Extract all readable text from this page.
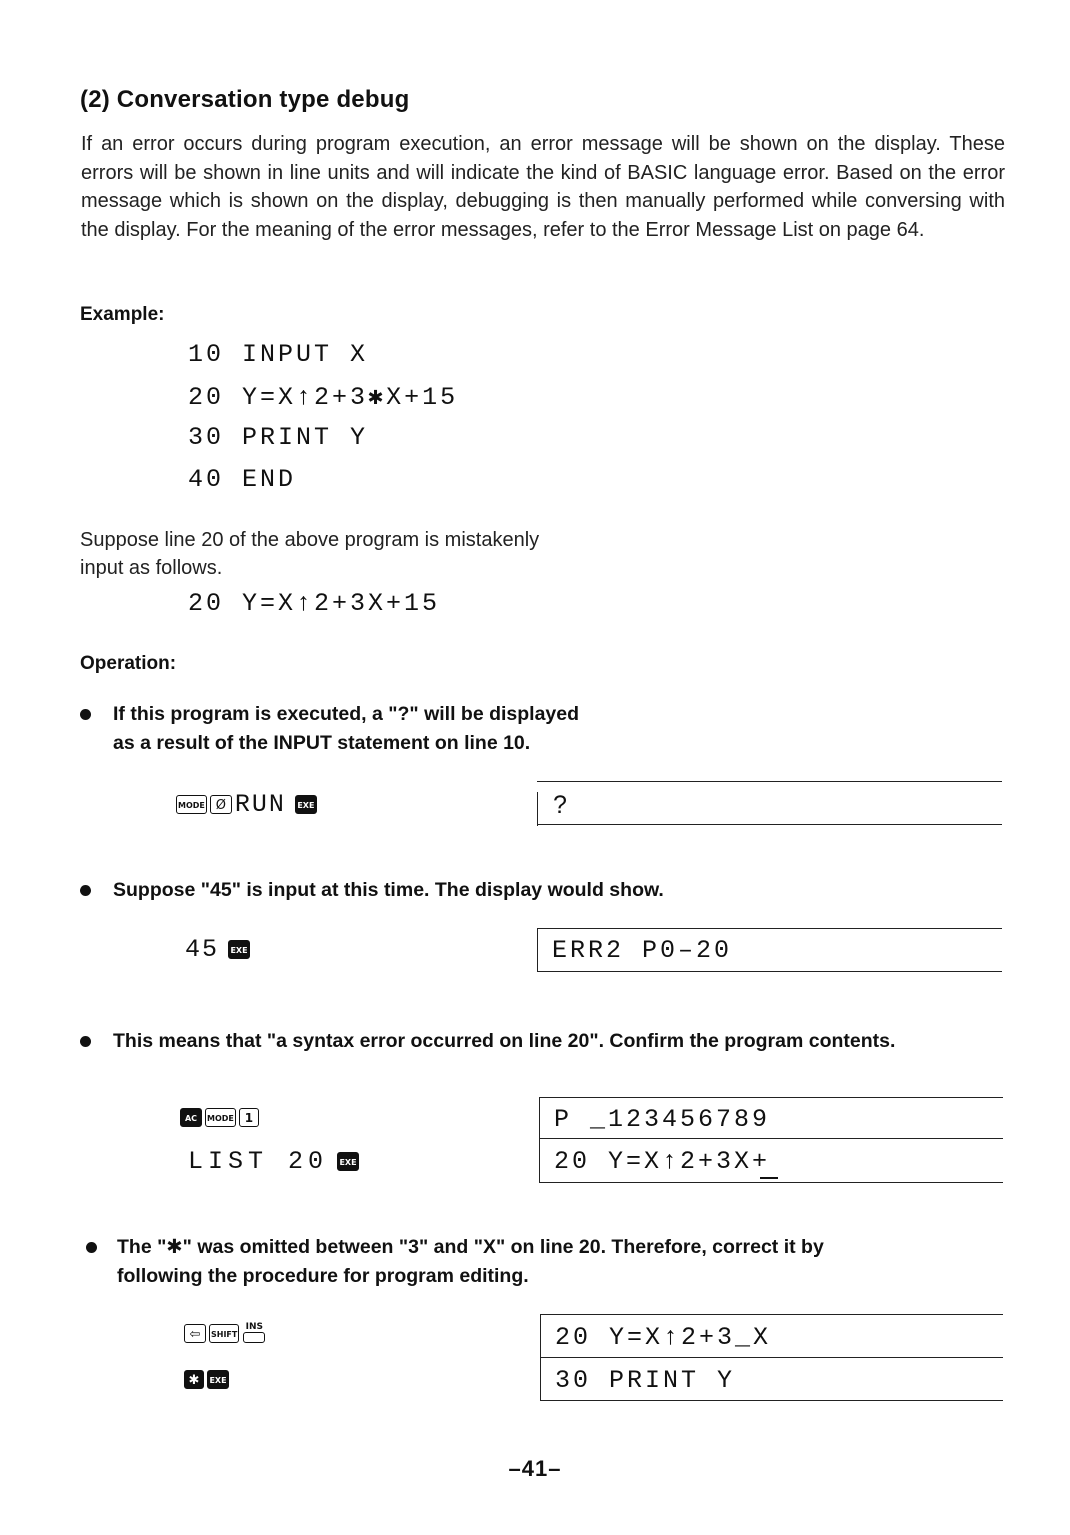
(2) Conversation type debug
If an error occurs during program execution, an error message will be shown on the display. These errors will be shown in line units and will indicate the kind of BASIC language error. Based on the error message which is shown on the display, debugging is then manually performed while conversing with the display. For the meaning of the error messages, refer to the Error Message List on page 64.
Example:
10 INPUT X
20 Y=X↑2+3✱X+15
30 PRINT Y
40 END
Suppose line 20 of the above program is mistakenly
input as follows.
20 Y=X↑2+3X+15
Operation:
If this program is executed, a "?" will be displayed
as a result of the INPUT statement on line 10.
MODE Ø RUN	EXE	?
Suppose "45" is input at this time. The display would show.
45	EXE	ERR2 P0–20
This means that "a syntax error occurred on line 20". Confirm the program contents.
AC	MODE 1
LIST 20	EXE
P _123456789
20 Y=X↑2+3X+
The "✱" was omitted between "3" and "X" on line 20. Therefore, correct it by
following the procedure for program editing.
⇦	SHIFT
INS
✱	EXE
20 Y=X↑2+3_X
30 PRINT Y
–41–
